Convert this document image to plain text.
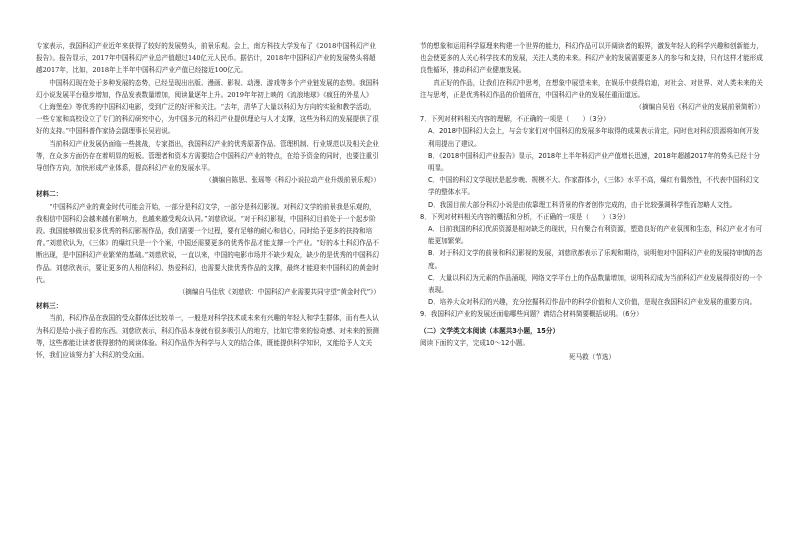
专家表示，我国科幻产业近年来获得了较好的发展势头，前景乐观。会上，南方科技大学发布了《2018中国科幻产业报告》。报告显示，2017年中国科幻产业总产值超过140亿元人民币。据估计，2018年中国科幻产业的发展势头将超越2017年，比如，2018年上半年中国科幻产业产值已经接近100亿元。

中国科幻现在处于多种发展的态势，已经呈现出出版、漫画、影视、动漫、游戏等多个产业链发展的态势。我国科幻小说发展平台稳步增加，作品发表数量增加，阅读量逐年上升。2019年年初上映的《流浪地球》《疯狂的外星人》《上海堡垒》等优秀的中国科幻电影，受到广泛的好评和关注。“去年，清华了大量以科幻为方向的实验和教学活动，一些专家和高校设立了专门的科幻研究中心，为中国多元的科幻产业提供理论与人才支撑，这些为科幻的发展提供了很好的支持。”中国科普作家协会副理事长吴岩说。

当前科幻产业发展仍面临一些挑战，专家指出，我国科幻产业的优秀原著作品、管理机制、行业规范以及相关企业等，在众多方面仍存在着明显的短板。管理者和资本方需要结合中国科幻产业的特点，在给予资金的同时，也要注重引导创作方向，加快形成产业体系，提高科幻产业的发展水平。

（摘编自陈思、张瑶等《科幻小说拉动产业升级前景乐观》）

材料二：

“中国科幻产业的黄金时代可能会开始，一部分是科幻文学，一部分是科幻影视。对科幻文学的前景我是乐观的，我相信中国科幻会越来越有影响力，也越来越受观众认同。”刘慈欣说。“对于科幻影视，中国科幻目前处于一个起步阶段。我国能够做出很多优秀的科幻影视作品，我们需要一个过程，要有足够的耐心和信心，同时给予更多的扶持和培育。”刘慈欣认为，《三体》的爆红只是一个个案，中国还需要更多的优秀作品才能支撑一个产业。“好的本土科幻作品不断出现，是中国科幻产业繁荣的基础。”刘慈欣说，一直以来，中国的电影市场并不缺少观众，缺少的是优秀的中国科幻作品。刘慈欣表示，要让更多的人相信科幻、热爱科幻，也需要大批优秀作品的支撑，最终才能迎来中国科幻的黄金时代。

（摘编自马佳欣《刘慈欣：中国科幻产业需要共同守望“黄金时代”》）

材料三：

当前，科幻作品在我国的受众群体还比较单一，一般是对科学技术或未来有兴趣的年轻人和学生群体，而有些人认为科幻是给小孩子看的东西。刘慈欣表示，科幻作品本身就有很多吸引人的地方，比如它带来的惊奇感、对未来的预测等，这些都能让读者获得独特的阅读体验。科幻作品作为科学与人文的结合体，既能提供科学知识，又能给予人文关怀，我们应该努力扩大科幻的受众面。

节的想象和运用科学原理来构建一个世界的能力，科幻作品可以开阔读者的眼界，激发年轻人的科学兴趣和创新能力，也会使更多的人关心科学技术的发展，关注人类的未来。科幻产业的发展需要更多人的参与和支持，只有这样才能形成良性循环，推动科幻产业健康发展。

真正好的作品，让我们在科幻中思考，在想象中展望未来，在娱乐中获得启迪，对社会、对世界、对人类未来的关注与思考，正是优秀科幻作品的价值所在，中国科幻产业的发展任重而道远。

（摘编自吴岩《科幻产业的发展前景简析》）

7．下列对材料相关内容的理解，不正确的一项是（　　）（3分）

A．2018中国科幻大会上，与会专家们对中国科幻的发展多年取得的成果表示肯定，同时也对科幻资源将如何开发利用提出了建议。

B．《2018中国科幻产业报告》显示，2018年上半年科幻产业产值增长迅速，2018年超越2017年的势头已经十分明显。

C．中国的科幻文学现状是起步晚、规模不大、作家群体小，《三体》水平不高，爆红有偶然性，不代表中国科幻文学的整体水平。

D．我国目前大部分科幻小说是由依靠理工科背景的作者创作完成的，由于比较强调科学性而忽略人文性。

8．下列对材料相关内容的概括和分析，不正确的一项是（　　）（3分）

A．目前我国的科幻优质资源是相对缺乏的现状，只有聚合有利资源，塑造良好的产业氛围和生态，科幻产业才有可能更加繁荣。

B．对于科幻文学的前景和科幻影视的发展，刘慈欣都表示了乐观和期待，说明他对中国科幻产业的发展持审慎的态度。

C．大量以科幻为元素的作品涌现，网络文学平台上的作品数量增加，说明科幻成为当前科幻产业发展得很好的一个表现。

D．培养大众对科幻的兴趣，充分挖掘科幻作品中的科学价值和人文价值，是现在我国科幻产业发展的重要方向。

9．我国科幻产业的发展还面临哪些问题？请结合材料简要概括说明。（6分）

（二）文学类文本阅读（本题共3小题，15分）

阅读下面的文字，完成10～12小题。

死马救（节选）
